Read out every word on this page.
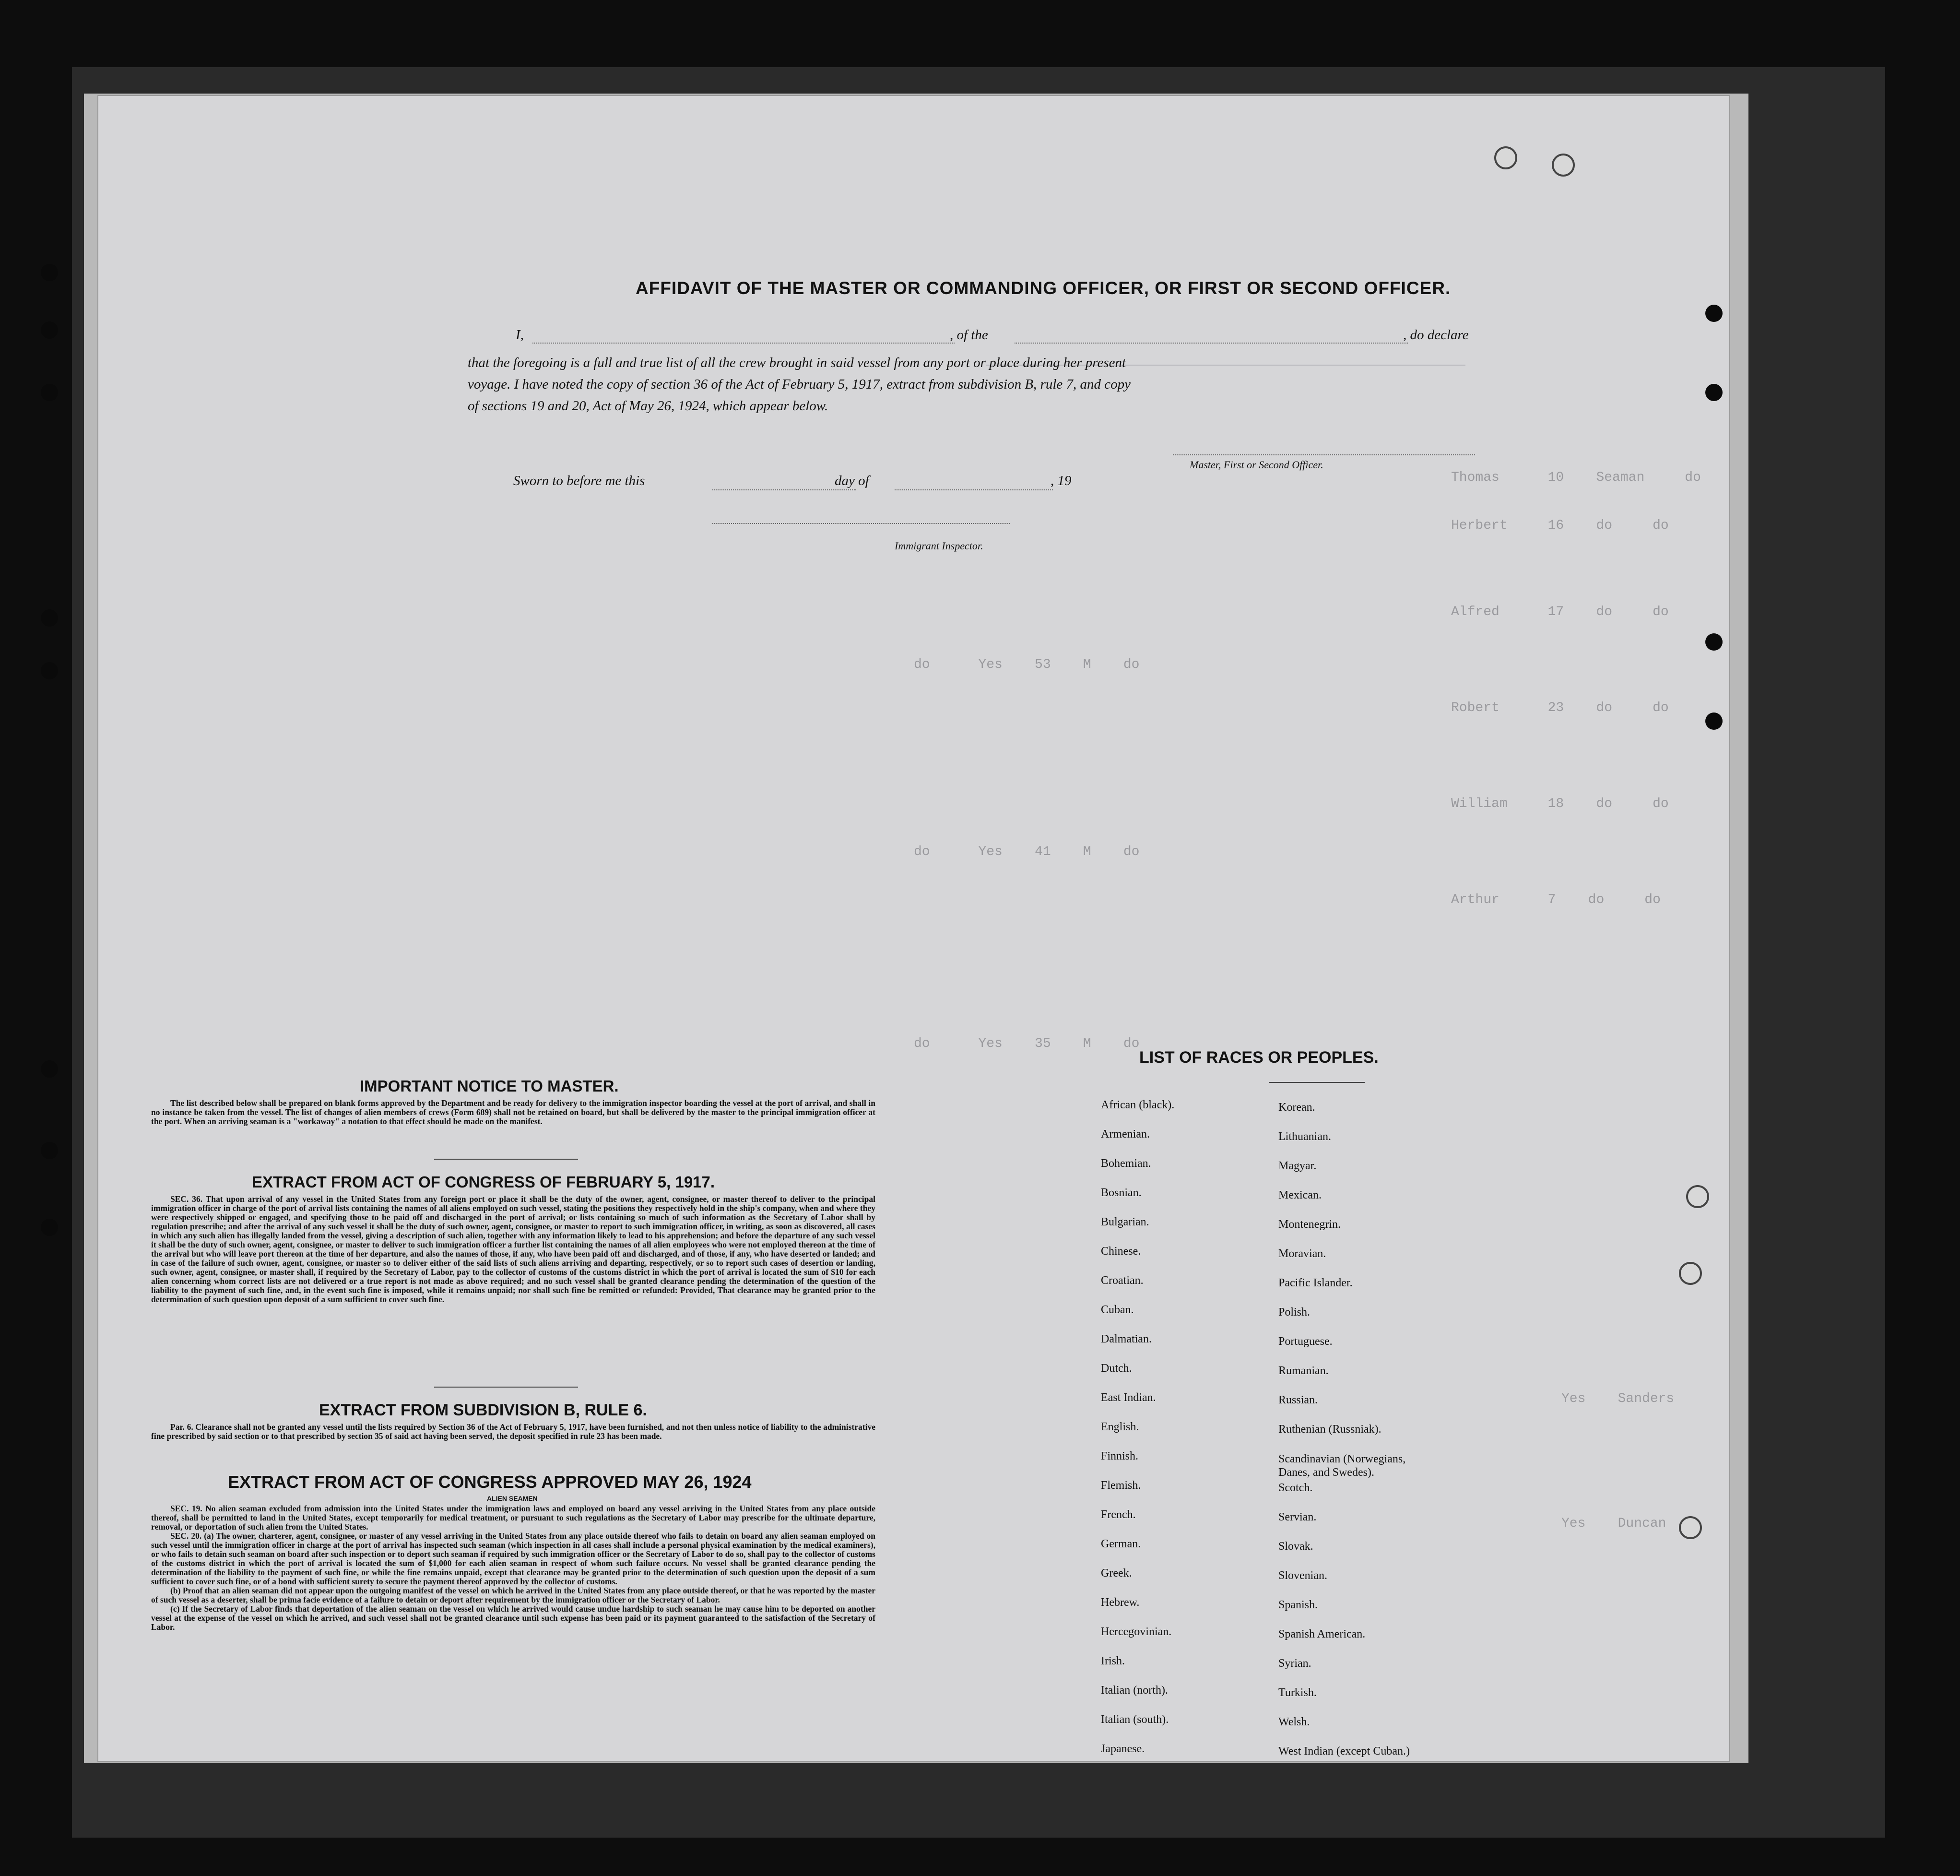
Thomas      10    Seaman     do
Herbert     16    do     do
Alfred      17    do     do
Robert      23    do     do
William     18    do     do
Arthur      7    do     do
do      Yes    53    M    do
do      Yes    41    M    do
do      Yes    35    M    do
Yes    Sanders
Yes    Duncan
AFFIDAVIT OF THE MASTER OR COMMANDING OFFICER, OR FIRST OR SECOND OFFICER.
I,	, of the	, do declare
that the foregoing is a full and true list of all the crew brought in said vessel from any port or place during her present
voyage. I have noted the copy of section 36 of the Act of February 5, 1917, extract from subdivision B, rule 7, and copy
of sections 19 and 20, Act of May 26, 1924, which appear below.
Master, First or Second Officer.
Sworn to before me this	day of	, 19
Immigrant Inspector.
IMPORTANT NOTICE TO MASTER.

The list described below shall be prepared on blank forms approved by the Department and be ready for delivery to the immigration inspector boarding the vessel at the port of arrival, and shall in no instance be taken from the vessel. The list of changes of alien members of crews (Form 689) shall not be retained on board, but shall be delivered by the master to the principal immigration officer at the port. When an arriving seaman is a "workaway" a notation to that effect should be made on the manifest.

EXTRACT FROM ACT OF CONGRESS OF FEBRUARY 5, 1917.

SEC. 36. That upon arrival of any vessel in the United States from any foreign port or place it shall be the duty of the owner, agent, consignee, or master thereof to deliver to the principal immigration officer in charge of the port of arrival lists containing the names of all aliens employed on such vessel, stating the positions they respectively hold in the ship's company, when and where they were respectively shipped or engaged, and specifying those to be paid off and discharged in the port of arrival; or lists containing so much of such information as the Secretary of Labor shall by regulation prescribe; and after the arrival of any such vessel it shall be the duty of such owner, agent, consignee, or master to report to such immigration officer, in writing, as soon as discovered, all cases in which any such alien has illegally landed from the vessel, giving a description of such alien, together with any information likely to lead to his apprehension; and before the departure of any such vessel it shall be the duty of such owner, agent, consignee, or master to deliver to such immigration officer a further list containing the names of all alien employees who were not employed thereon at the time of the arrival but who will leave port thereon at the time of her departure, and also the names of those, if any, who have been paid off and discharged, and of those, if any, who have deserted or landed; and in case of the failure of such owner, agent, consignee, or master so to deliver either of the said lists of such aliens arriving and departing, respectively, or so to report such cases of desertion or landing, such owner, agent, consignee, or master shall, if required by the Secretary of Labor, pay to the collector of customs of the customs district in which the port of arrival is located the sum of $10 for each alien concerning whom correct lists are not delivered or a true report is not made as above required; and no such vessel shall be granted clearance pending the determination of the question of the liability to the payment of such fine, and, in the event such fine is imposed, while it remains unpaid; nor shall such fine be remitted or refunded: Provided, That clearance may be granted prior to the determination of such question upon deposit of a sum sufficient to cover such fine.

EXTRACT FROM SUBDIVISION B, RULE 6.

Par. 6. Clearance shall not be granted any vessel until the lists required by Section 36 of the Act of February 5, 1917, have been furnished, and not then unless notice of liability to the administrative fine prescribed by said section or to that prescribed by section 35 of said act having been served, the deposit specified in rule 23 has been made.

EXTRACT FROM ACT OF CONGRESS APPROVED MAY 26, 1924
ALIEN SEAMEN

SEC. 19. No alien seaman excluded from admission into the United States under the immigration laws and employed on board any vessel arriving in the United States from any place outside thereof, shall be permitted to land in the United States, except temporarily for medical treatment, or pursuant to such regulations as the Secretary of Labor may prescribe for the ultimate departure, removal, or deportation of such alien from the United States.

SEC. 20. (a) The owner, charterer, agent, consignee, or master of any vessel arriving in the United States from any place outside thereof who fails to detain on board any alien seaman employed on such vessel until the immigration officer in charge at the port of arrival has inspected such seaman (which inspection in all cases shall include a personal physical examination by the medical examiners), or who fails to detain such seaman on board after such inspection or to deport such seaman if required by such immigration officer or the Secretary of Labor to do so, shall pay to the collector of customs of the customs district in which the port of arrival is located the sum of $1,000 for each alien seaman in respect of whom such failure occurs. No vessel shall be granted clearance pending the determination of the liability to the payment of such fine, or while the fine remains unpaid, except that clearance may be granted prior to the determination of such question upon the deposit of a sum sufficient to cover such fine, or of a bond with sufficient surety to secure the payment thereof approved by the collector of customs.

(b) Proof that an alien seaman did not appear upon the outgoing manifest of the vessel on which he arrived in the United States from any place outside thereof, or that he was reported by the master of such vessel as a deserter, shall be prima facie evidence of a failure to detain or deport after requirement by the immigration officer or the Secretary of Labor.

(c) If the Secretary of Labor finds that deportation of the alien seaman on the vessel on which he arrived would cause undue hardship to such seaman he may cause him to be deported on another vessel at the expense of the vessel on which he arrived, and such vessel shall not be granted clearance until such expense has been paid or its payment guaranteed to the satisfaction of the Secretary of Labor.

LIST OF RACES OR PEOPLES.
African (black).
Armenian.
Bohemian.
Bosnian.
Bulgarian.
Chinese.
Croatian.
Cuban.
Dalmatian.
Dutch.
East Indian.
English.
Finnish.
Flemish.
French.
German.
Greek.
Hebrew.
Hercegovinian.
Irish.
Italian (north).
Italian (south).
Japanese.
Korean.
Lithuanian.
Magyar.
Mexican.
Montenegrin.
Moravian.
Pacific Islander.
Polish.
Portuguese.
Rumanian.
Russian.
Ruthenian (Russniak).
Scandinavian (Norwegians, Danes, and Swedes).
Scotch.
Servian.
Slovak.
Slovenian.
Spanish.
Spanish American.
Syrian.
Turkish.
Welsh.
West Indian (except Cuban.)
